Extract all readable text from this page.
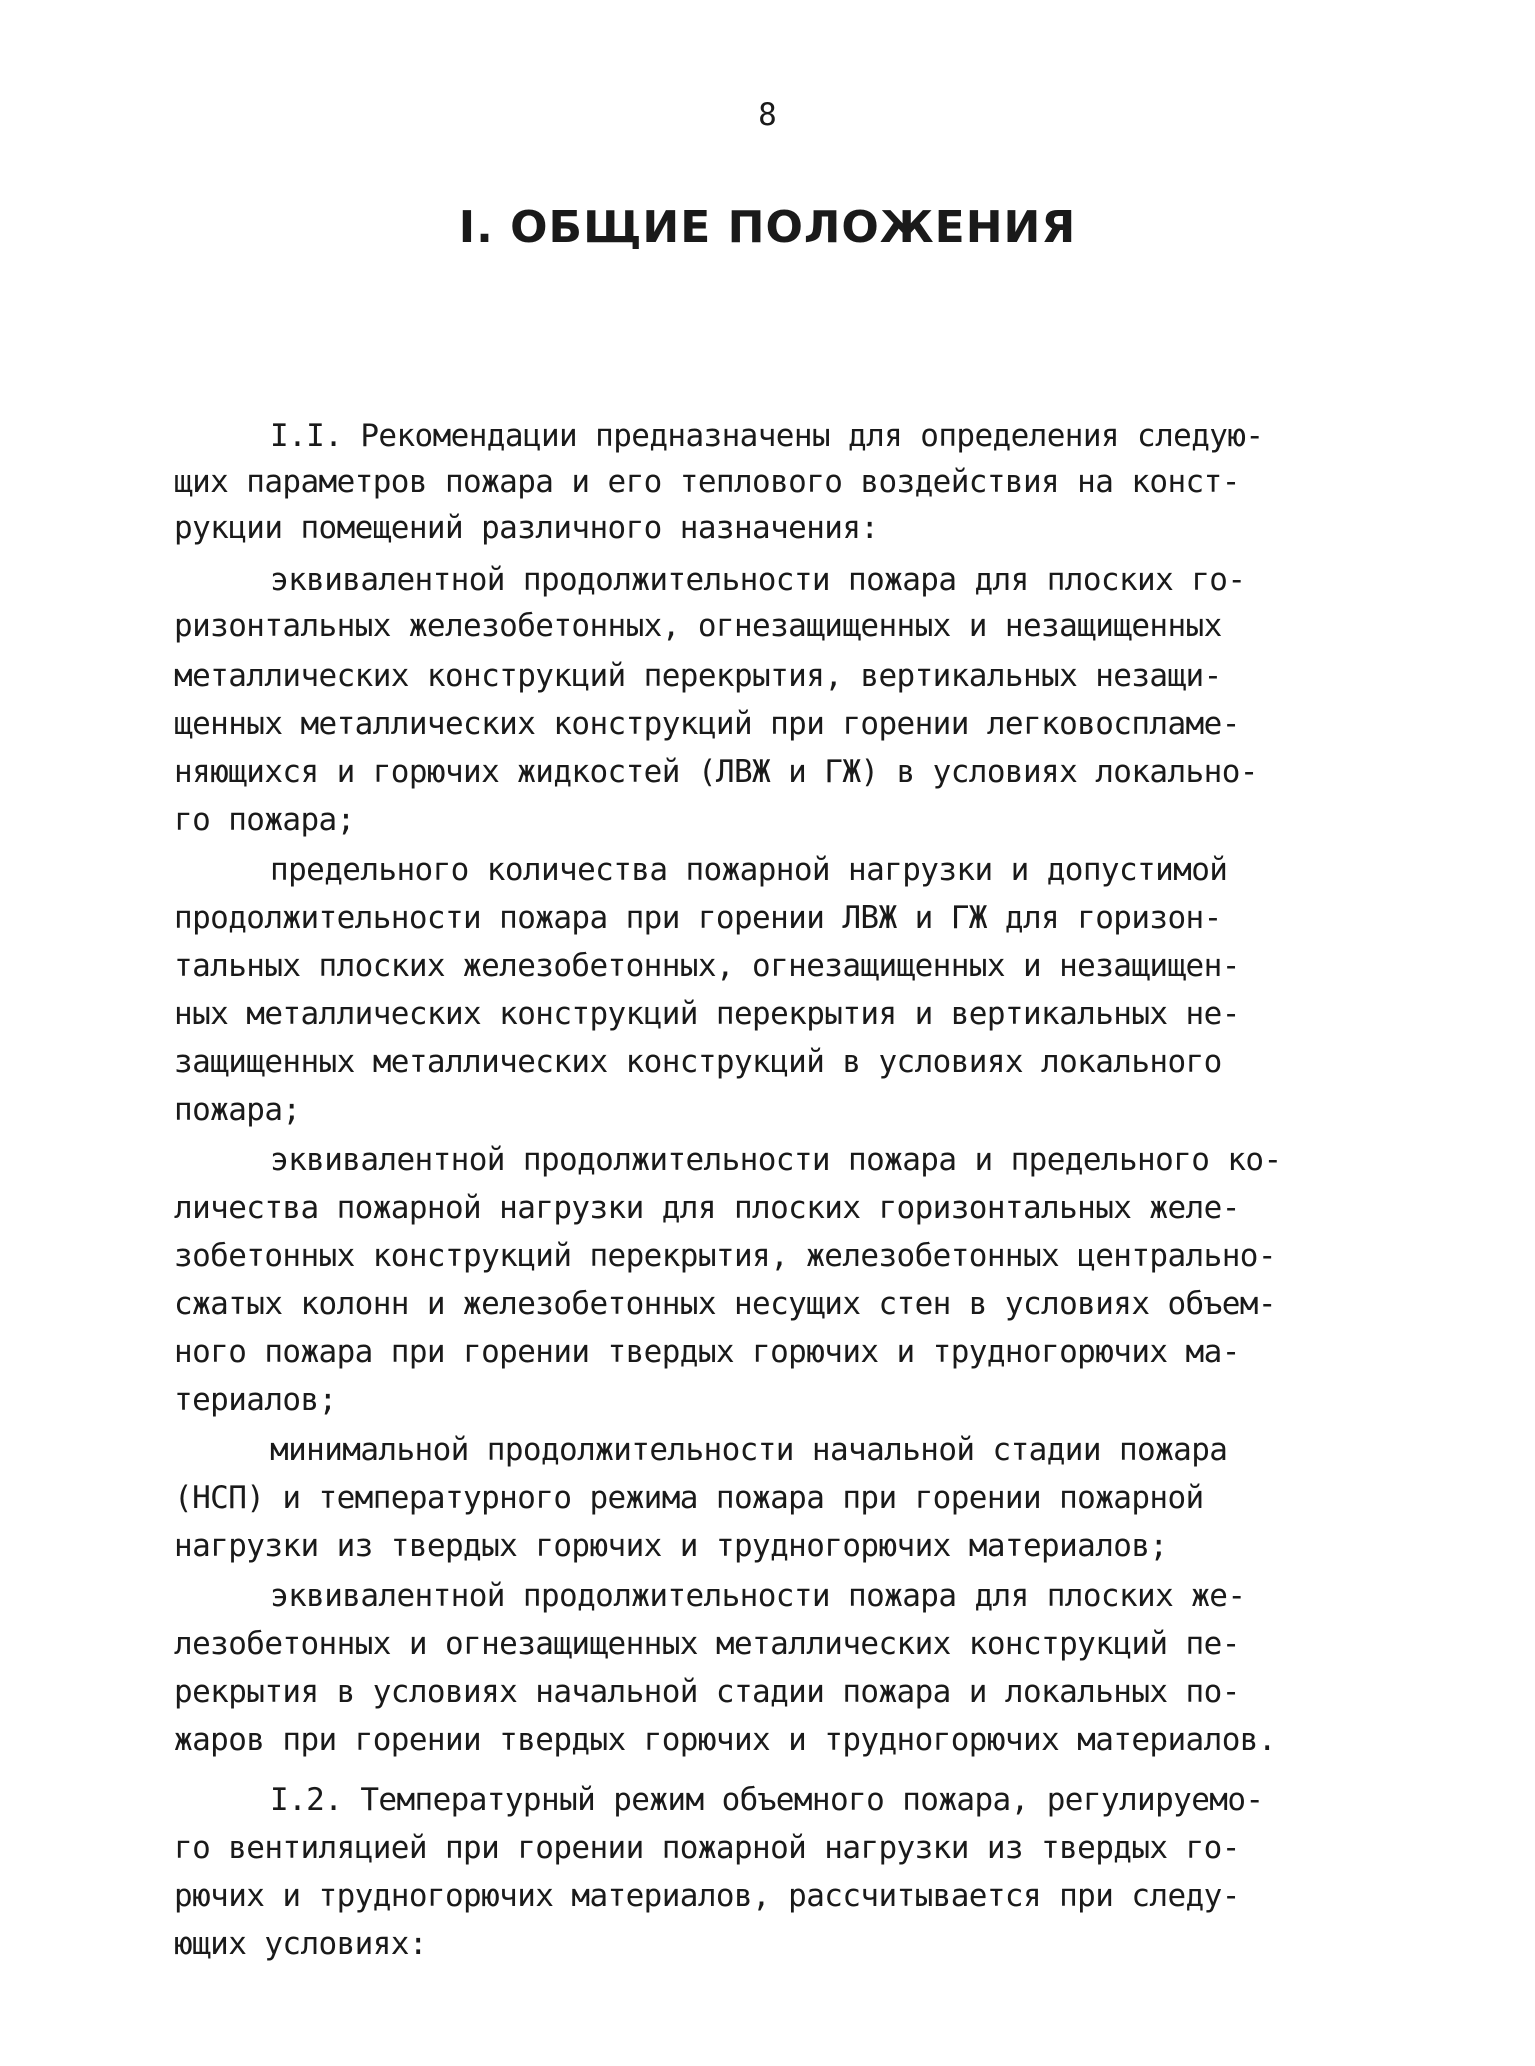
8
I. ОБЩИЕ ПОЛОЖЕНИЯ
I.I. Рекомендации предназначены для определения следую-
щих параметров пожара и его теплового воздействия на конст-
рукции помещений различного назначения:
эквивалентной продолжительности пожара для плоских го-
ризонтальных железобетонных, огнезащищенных и незащищенных
металлических конструкций перекрытия, вертикальных незащи-
щенных металлических конструкций при горении легковоспламе-
няющихся и горючих жидкостей (ЛВЖ и ГЖ) в условиях локально-
го пожара;
предельного количества пожарной нагрузки и допустимой
продолжительности пожара при горении ЛВЖ и ГЖ для горизон-
тальных плоских железобетонных, огнезащищенных и незащищен-
ных металлических конструкций перекрытия и вертикальных не-
защищенных металлических конструкций в условиях локального
пожара;
эквивалентной продолжительности пожара и предельного ко-
личества пожарной нагрузки для плоских горизонтальных желе-
зобетонных конструкций перекрытия, железобетонных центрально-
сжатых колонн и железобетонных несущих стен в условиях объем-
ного пожара при горении твердых горючих и трудногорючих ма-
териалов;
минимальной продолжительности начальной стадии пожара
(НСП) и температурного режима пожара при горении пожарной
нагрузки из твердых горючих и трудногорючих материалов;
эквивалентной продолжительности пожара для плоских же-
лезобетонных и огнезащищенных металлических конструкций пе-
рекрытия в условиях начальной стадии пожара и локальных по-
жаров при горении твердых горючих и трудногорючих материалов.
I.2. Температурный режим объемного пожара, регулируемо-
го вентиляцией при горении пожарной нагрузки из твердых го-
рючих и трудногорючих материалов, рассчитывается при следу-
ющих условиях:
